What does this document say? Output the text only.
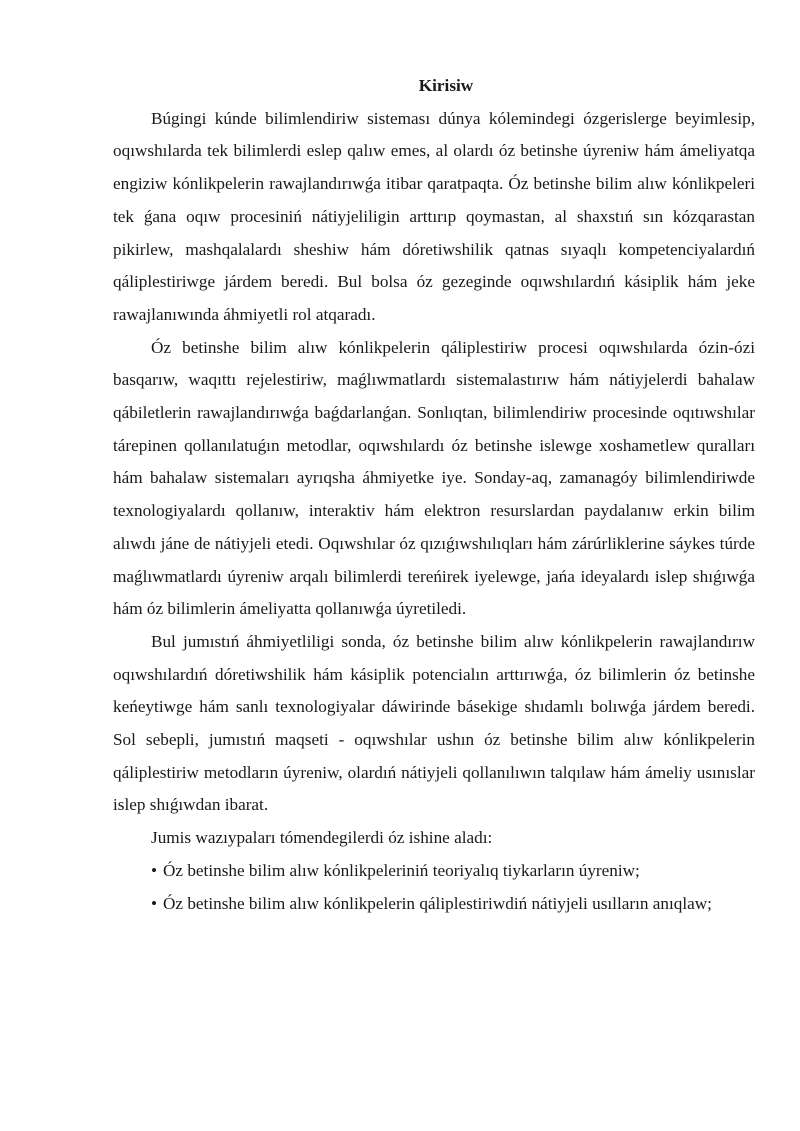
Kirisiw

Búgingi kúnde bilimlendiriw sisteması dúnya kólemindegi ózgerislerge beyimlesip, oqıwshılarda tek bilimlerdi eslep qalıw emes, al olardı óz betinshe úyreniw hám ámeliyatqa engiziw kónlikpelerin rawajlandırıwǵa itibar qaratpaqta. Óz betinshe bilim alıw kónlikpeleri tek ǵana oqıw procesiniń nátiyjeliligin arttırıp qoymastan, al shaxstıń sın kózqarastan pikirlew, mashqalalardı sheshiw hám dóretiwshilik qatnas sıyaqlı kompetenciyalardıń qáliplestiriwge járdem beredi. Bul bolsa óz gezeginde oqıwshılardıń kásiplik hám jeke rawajlanıwında áhmiyetli rol atqaradı.

Óz betinshe bilim alıw kónlikpelerin qáliplestiriw procesi oqıwshılarda ózin-ózi basqarıw, waqıttı rejelestiriw, maǵlıwmatlardı sistemalastırıw hám nátiyjelerdi bahalaw qábiletlerin rawajlandırıwǵa baǵdarlanǵan. Sonlıqtan, bilimlendiriw procesinde oqıtıwshılar tárepinen qollanılatuǵın metodlar, oqıwshılardı óz betinshe islewge xoshametlew quralları hám bahalaw sistemaları ayrıqsha áhmiyetke iye. Sonday-aq, zamanagóy bilimlendiriwde texnologiyalardı qollanıw, interaktiv hám elektron resurslardan paydalanıw erkin bilim alıwdı jáne de nátiyjeli etedi. Oqıwshılar óz qızıǵıwshılıqları hám zárúrliklerine sáykes túrde maǵlıwmatlardı úyreniw arqalı bilimlerdi tereńirek iyelewge, jańa ideyalardı islep shıǵıwǵa hám óz bilimlerin ámeliyatta qollanıwǵa úyretiledi.

Bul jumıstıń áhmiyetliligi sonda, óz betinshe bilim alıw kónlikpelerin rawajlandırıw oqıwshılardıń dóretiwshilik hám kásiplik potencialın arttırıwǵa, óz bilimlerin óz betinshe keńeytiwge hám sanlı texnologiyalar dáwirinde básekige shıdamlı bolıwǵa járdem beredi. Sol sebepli, jumıstıń maqseti - oqıwshılar ushın óz betinshe bilim alıw kónlikpelerin qáliplestiriw metodların úyreniw, olardıń nátiyjeli qollanılıwın talqılaw hám ámeliy usınıslar islep shıǵıwdan ibarat.

Jumis wazıypaları tómendegilerdi óz ishine aladı:

• Óz betinshe bilim alıw kónlikpeleriniń teoriyalıq tiykarların úyreniw;

• Óz betinshe bilim alıw kónlikpelerin qáliplestiriwdiń nátiyjeli usılların anıqlaw;
